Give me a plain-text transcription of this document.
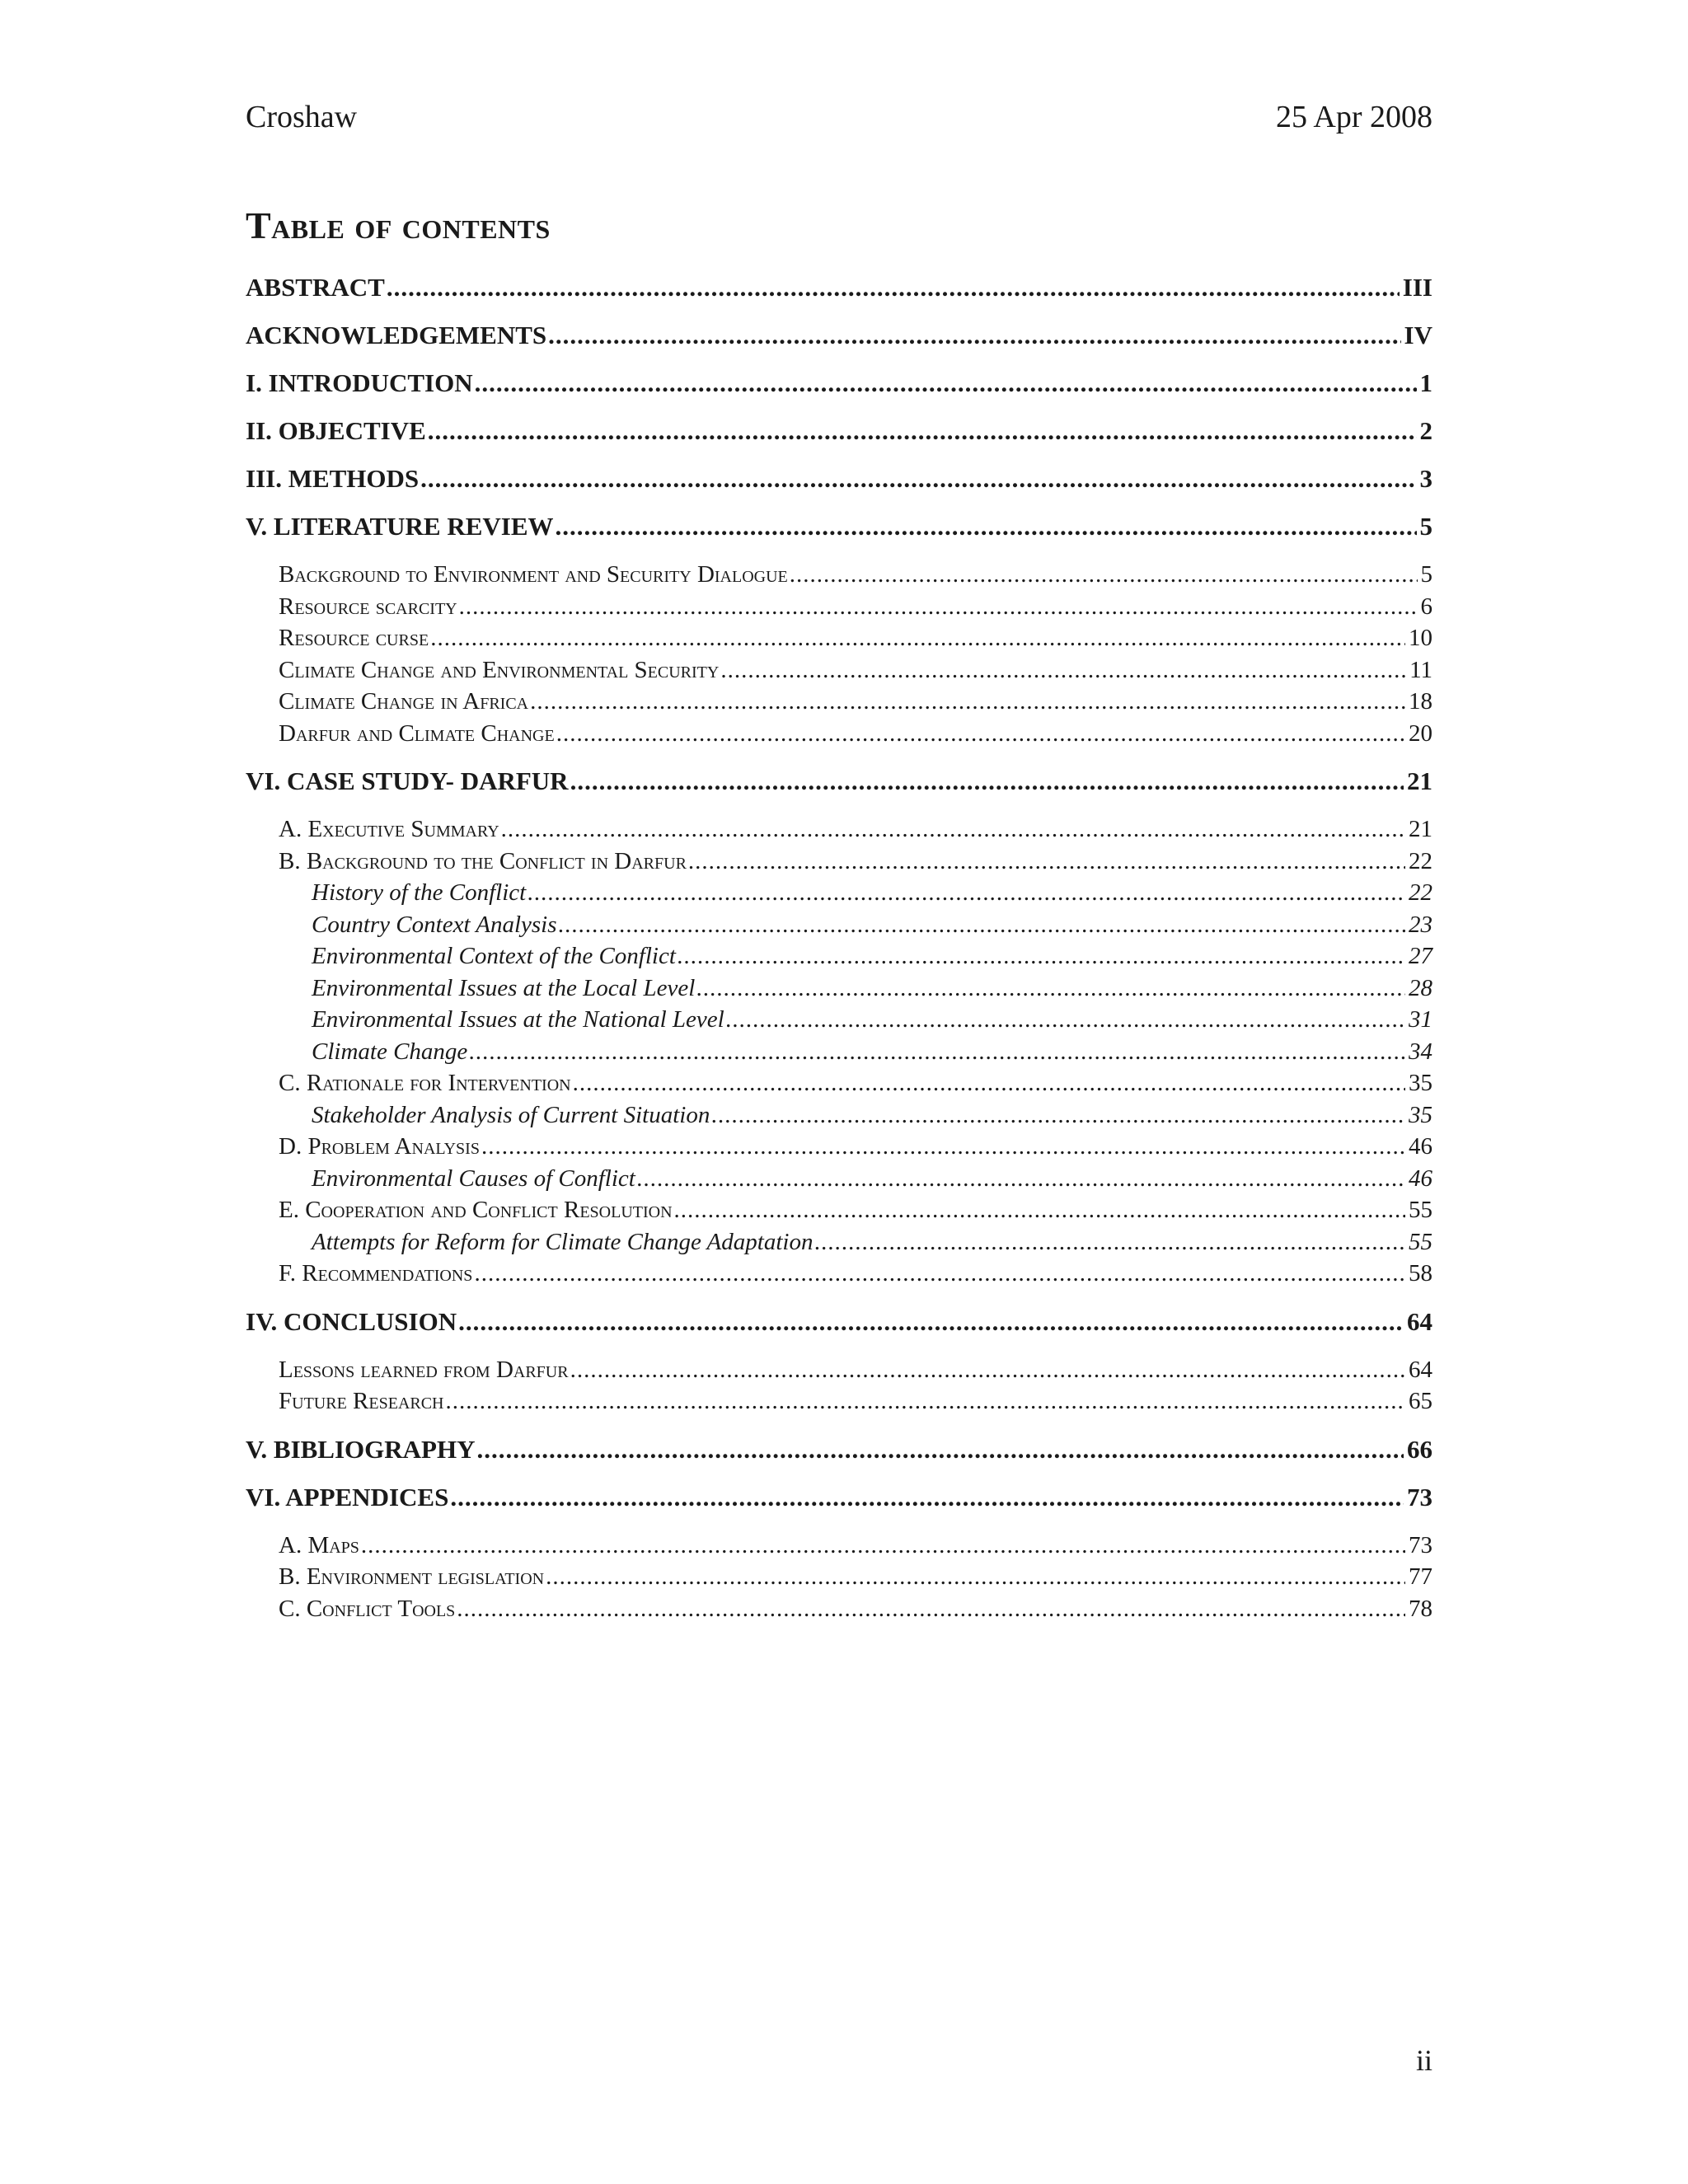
Croshaw	25 Apr 2008
Table of contents
ABSTRACT .....	III
ACKNOWLEDGEMENTS .....	IV
I. INTRODUCTION .....	1
II. OBJECTIVE .....	2
III. METHODS .....	3
V. LITERATURE REVIEW .....	5
Background to Environment and Security Dialogue .....	5
Resource scarcity .....	6
Resource curse .....	10
Climate Change and Environmental Security .....	11
Climate Change in Africa .....	18
Darfur and Climate Change .....	20
VI. CASE STUDY- DARFUR .....	21
A. Executive Summary .....	21
B. Background to the Conflict in Darfur .....	22
History of the Conflict .....	22
Country Context Analysis .....	23
Environmental Context of the Conflict .....	27
Environmental Issues at the Local Level .....	28
Environmental Issues at the National Level .....	31
Climate Change .....	34
C. Rationale for Intervention .....	35
Stakeholder Analysis of Current Situation .....	35
D. Problem Analysis .....	46
Environmental Causes of Conflict .....	46
E. Cooperation and Conflict Resolution .....	55
Attempts for Reform for Climate Change Adaptation .....	55
F. Recommendations .....	58
IV. CONCLUSION .....	64
Lessons learned from Darfur .....	64
Future Research .....	65
V. BIBLIOGRAPHY .....	66
VI. APPENDICES .....	73
A. Maps .....	73
B. Environment legislation .....	77
C. Conflict Tools .....	78
ii
